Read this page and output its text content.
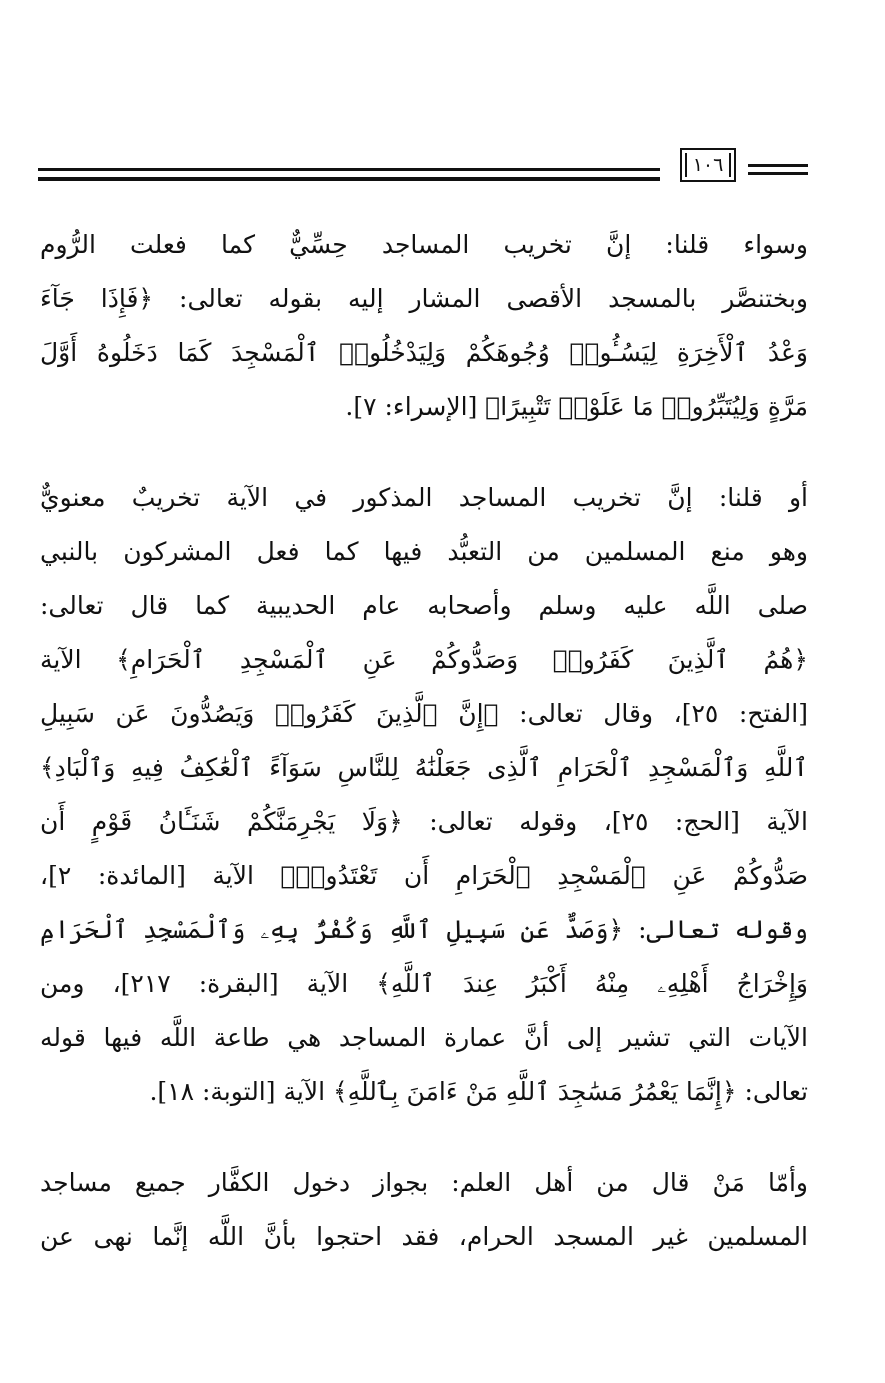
١٠٦
وسواء قلنا: إنَّ تخريب المساجد حِسِّيٌّ كما فعلت الرُّوم
وبختنصَّر بالمسجد الأقصى المشار إليه بقوله تعالى: ﴿فَإِذَا جَآءَ
وَعْدُ ٱلْأَخِرَةِ لِيَسُـُٔوا۟ وُجُوهَكُمْ وَلِيَدْخُلُوا۟ ٱلْمَسْجِدَ كَمَا دَخَلُوهُ أَوَّلَ
مَرَّةٍ وَلِيُتَبِّرُوا۟ مَا عَلَوْا۟ تَتْبِيرًا﴾ [الإسراء: ٧].
أو قلنا: إنَّ تخريب المساجد المذكور في الآية تخريبٌ معنويٌّ
وهو منع المسلمين من التعبُّد فيها كما فعل المشركون بالنبي
صلى اللَّه عليه وسلم وأصحابه عام الحديبية كما قال تعالى:
﴿هُمُ ٱلَّذِينَ كَفَرُوا۟ وَصَدُّوكُمْ عَنِ ٱلْمَسْجِدِ ٱلْحَرَامِ﴾ الآية
[الفتح: ٢٥]، وقال تعالى: ﴿إِنَّ ٱلَّذِينَ كَفَرُوا۟ وَيَصُدُّونَ عَن سَبِيلِ
ٱللَّهِ وَٱلْمَسْجِدِ ٱلْحَرَامِ ٱلَّذِى جَعَلْنَٰهُ لِلنَّاسِ سَوَآءً ٱلْعَٰكِفُ فِيهِ وَٱلْبَادِ﴾
الآية [الحج: ٢٥]، وقوله تعالى: ﴿وَلَا يَجْرِمَنَّكُمْ شَنَـَٔانُ قَوْمٍ أَن
صَدُّوكُمْ عَنِ ٱلْمَسْجِدِ ٱلْحَرَامِ أَن تَعْتَدُوا۟﴾ الآية [المائدة: ٢]،
وقوله تعالى: ﴿وَصَدٌّ عَن سَبِيلِ ٱللَّهِ وَكُفْرٌۢ بِهِۦ وَٱلْمَسْجِدِ ٱلْحَرَامِ
وَإِخْرَاجُ أَهْلِهِۦ مِنْهُ أَكْبَرُ عِندَ ٱللَّهِ﴾ الآية [البقرة: ٢١٧]، ومن
الآيات التي تشير إلى أنَّ عمارة المساجد هي طاعة اللَّه فيها قوله
تعالى: ﴿إِنَّمَا يَعْمُرُ مَسَٰجِدَ ٱللَّهِ مَنْ ءَامَنَ بِٱللَّهِ﴾ الآية [التوبة: ١٨].
وأمّا مَنْ قال من أهل العلم: بجواز دخول الكفَّار جميع مساجد
المسلمين غير المسجد الحرام، فقد احتجوا بأنَّ اللَّه إنَّما نهى عن
